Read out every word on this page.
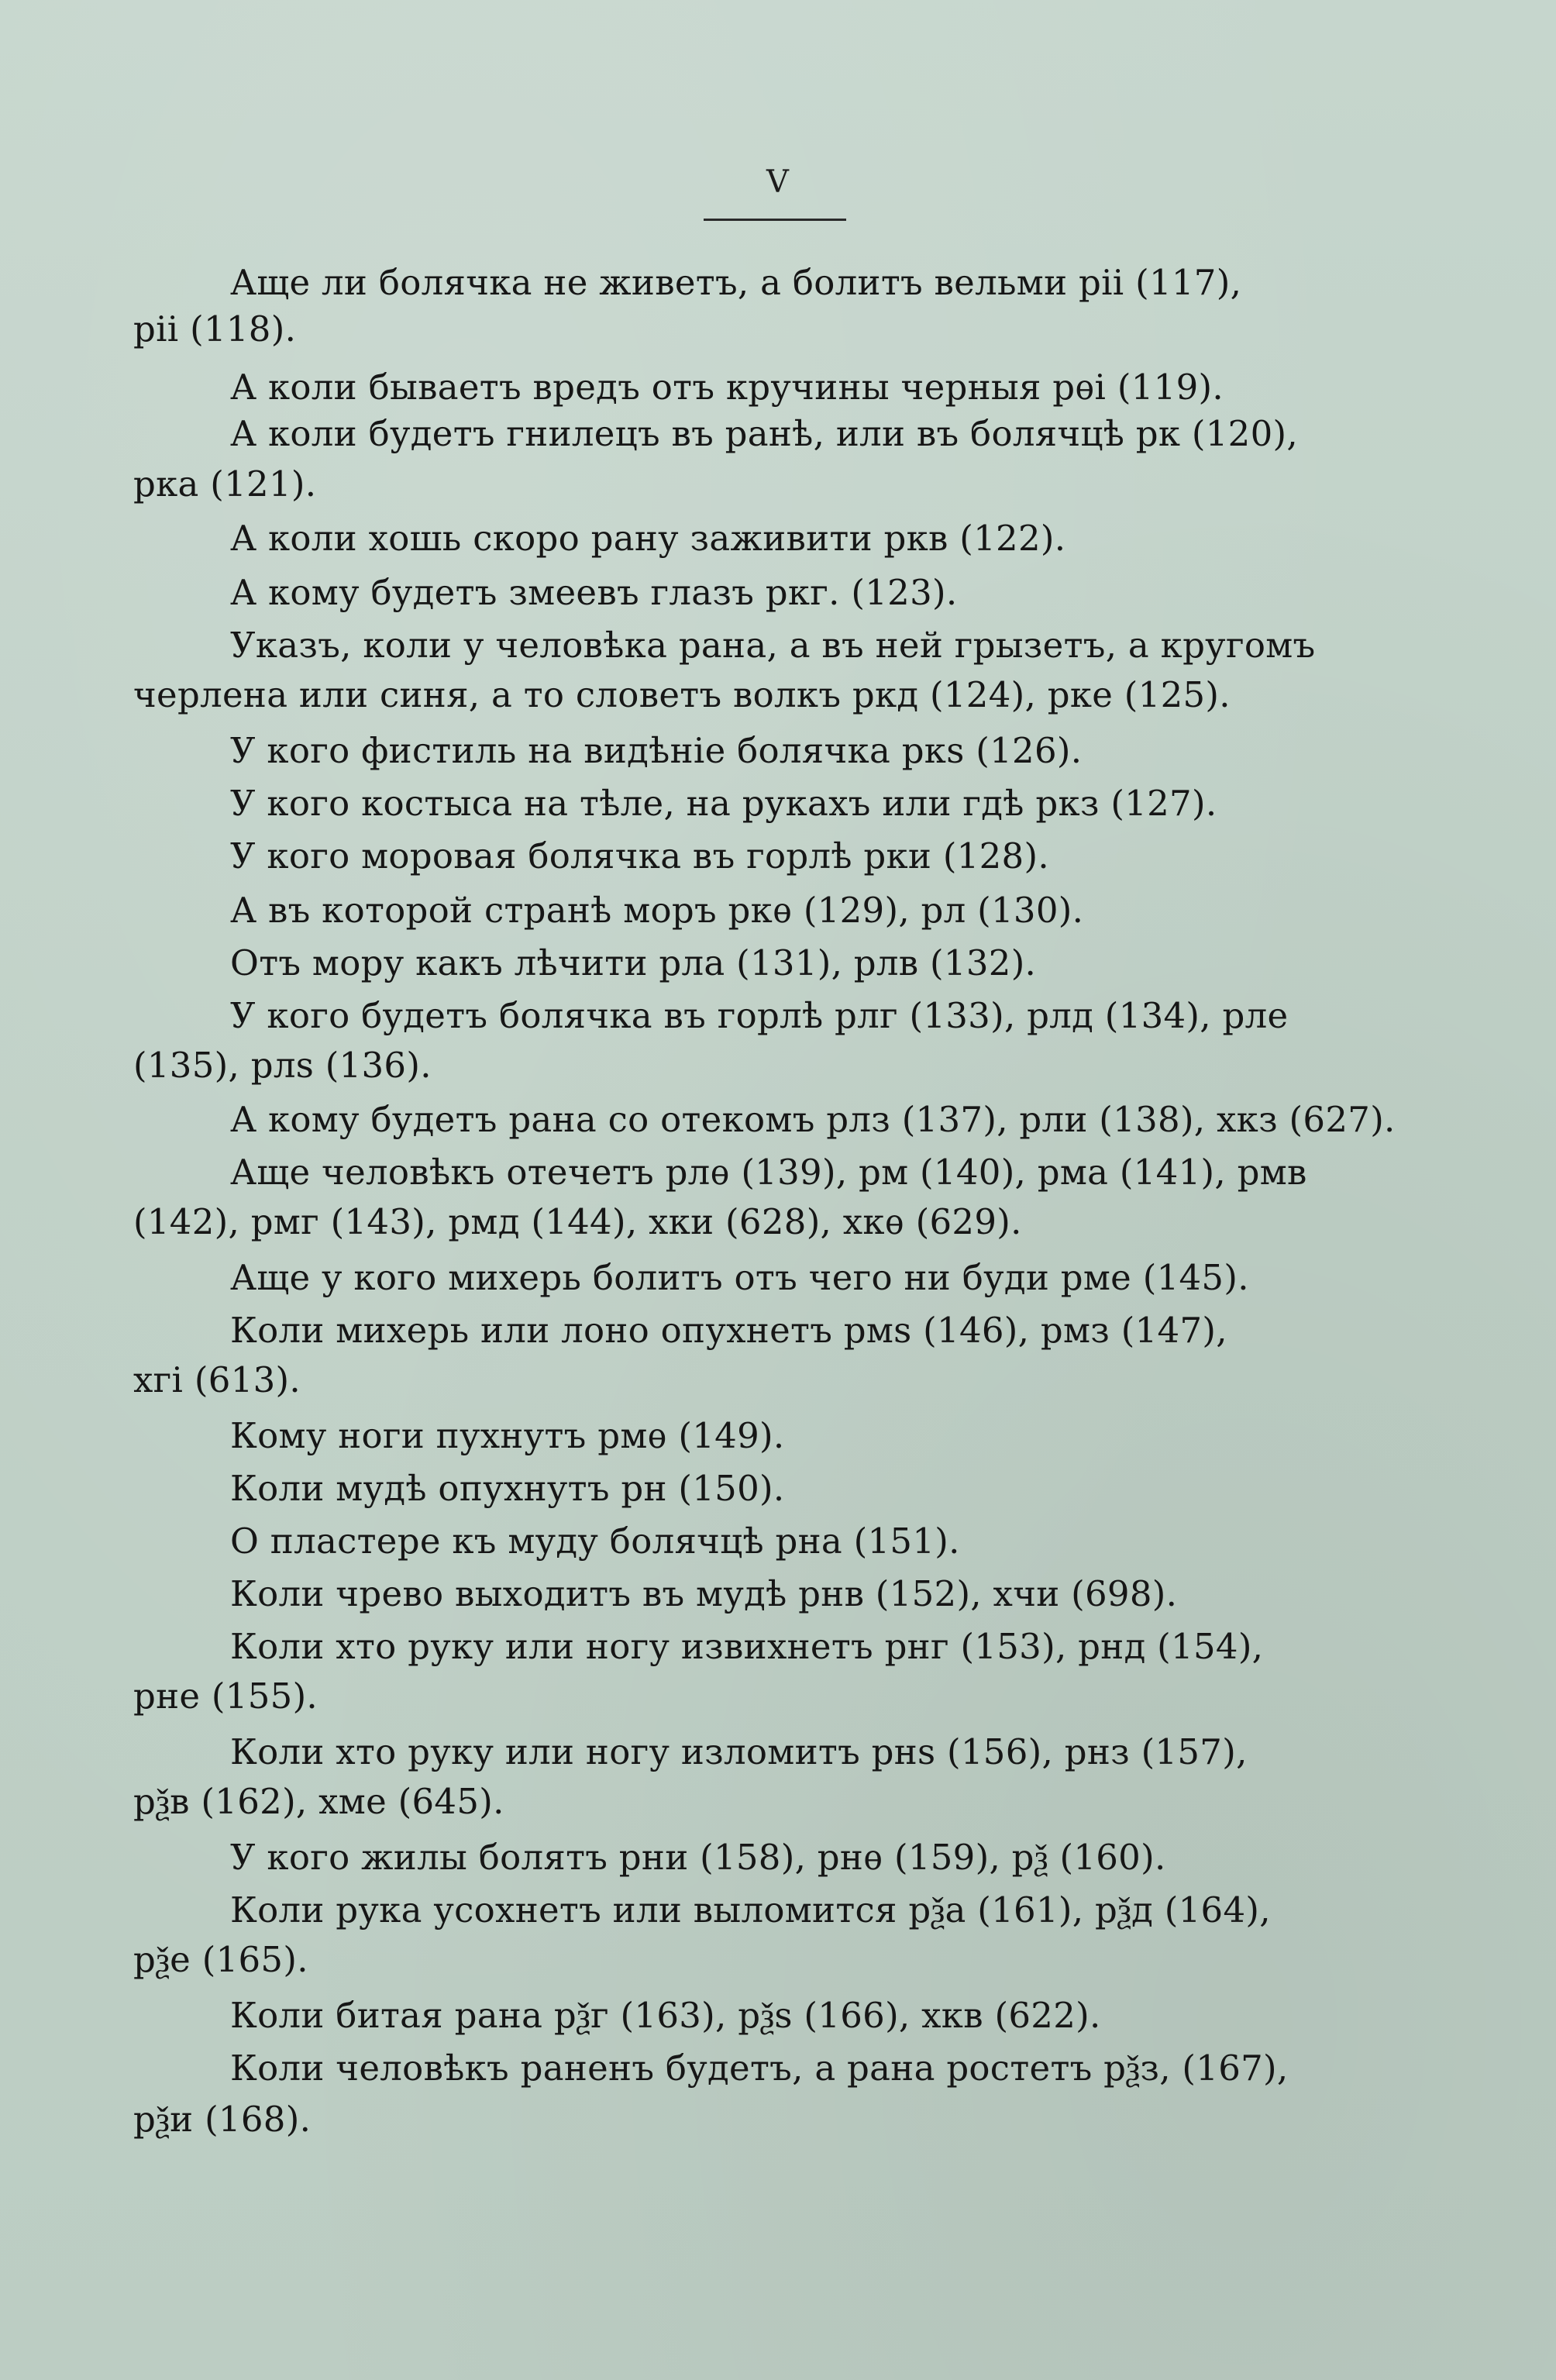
V
Аще ли болячка не живетъ, а болитъ вельми ріі (117),
ріі (118).
А коли бываетъ вредъ отъ кручины черныя рѳі (119).
А коли будетъ гнилецъ въ ранѣ, или въ болячцѣ рк (120),
рка (121).
А коли хошь скоро рану заживити ркв (122).
А кому будетъ змеевъ глазъ ркг. (123).
Указъ, коли у человѣка рана, а въ ней грызетъ, а кругомъ
черлена или синя, а то словетъ волкъ ркд (124), рке (125).
У кого фистиль на видѣніе болячка ркѕ (126).
У кого костыса на тѣле, на рукахъ или гдѣ ркз (127).
У кого моровая болячка въ горлѣ рки (128).
А въ которой странѣ моръ ркѳ (129), рл (130).
Отъ мору какъ лѣчити рла (131), рлв (132).
У кого будетъ болячка въ горлѣ рлг (133), рлд (134), рле
(135), рлѕ (136).
А кому будетъ рана со отекомъ рлз (137), рли (138), хкз (627).
Аще человѣкъ отечетъ рлѳ (139), рм (140), рма (141), рмв
(142), рмг (143), рмд (144), хки (628), хкѳ (629).
Аще у кого михерь болитъ отъ чего ни буди рме (145).
Коли михерь или лоно опухнетъ рмѕ (146), рмз (147),
хгі (613).
Кому ноги пухнутъ рмѳ (149).
Коли мудѣ опухнутъ рн (150).
О пластере къ муду болячцѣ рна (151).
Коли чрево выходитъ въ мудѣ рнв (152), хчи (698).
Коли хто руку или ногу извихнетъ рнг (153), рнд (154),
рне (155).
Коли хто руку или ногу изломитъ рнѕ (156), рнз (157),
рѯв (162), хме (645).
У кого жилы болятъ рни (158), рнѳ (159), рѯ (160).
Коли рука усохнетъ или выломится рѯа (161), рѯд (164),
рѯе (165).
Коли битая рана рѯг (163), рѯѕ (166), хкв (622).
Коли человѣкъ раненъ будетъ, а рана ростетъ рѯз, (167),
рѯи (168).
